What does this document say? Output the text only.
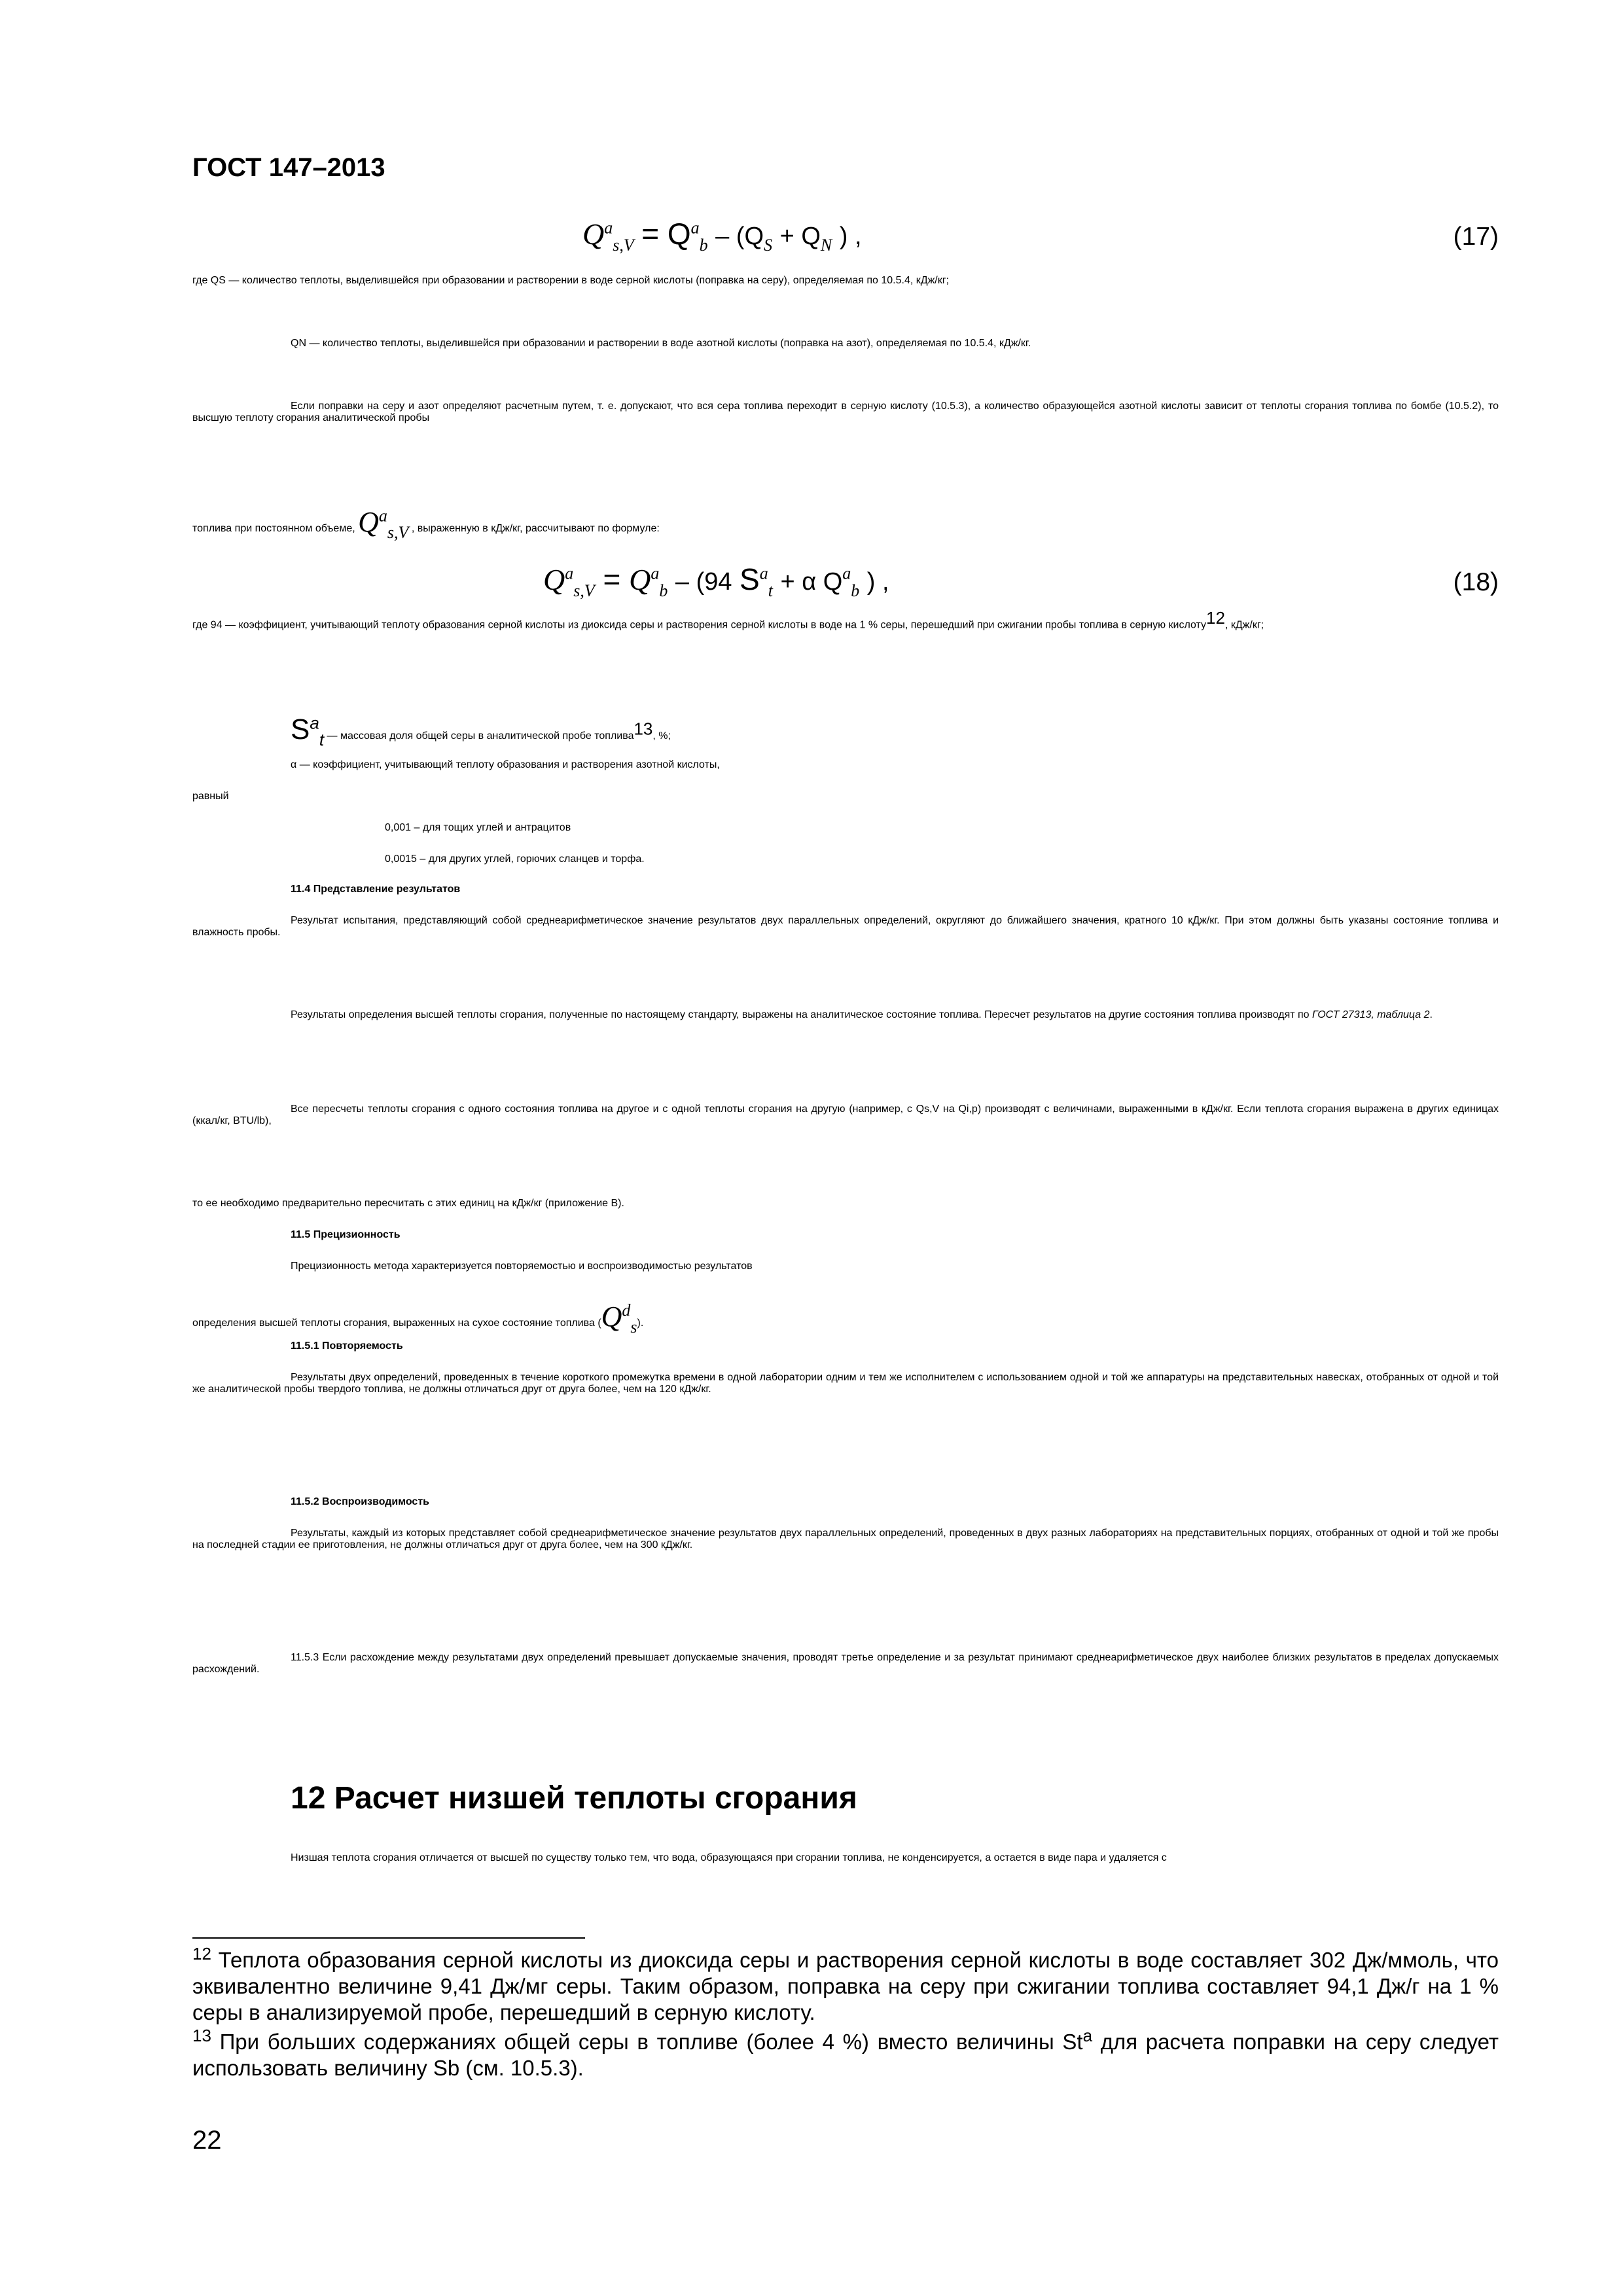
ГОСТ 147–2013
$Q^a_{s,V} = Q^a_b - (Q_S + Q_N$ ) ,	(17)
где QS — количество теплоты, выделившейся при образовании и растворении в воде серной кислоты (поправка на серу), определяемая по 10.5.4, кДж/кг;
QN — количество теплоты, выделившейся при образовании и растворении в воде азотной кислоты (поправка на азот), определяемая по 10.5.4, кДж/кг.
Если поправки на серу и азот определяют расчетным путем, т. е. допускают, что вся сера топлива переходит в серную кислоту (10.5.3), а количество образующейся азотной кислоты зависит от теплоты сгорания топлива по бомбе (10.5.2), то высшую теплоту сгорания аналитической пробы
топлива при постоянном объеме, $Q^a_{s,V}$ , выраженную в кДж/кг, рассчитывают по формуле:
$Q^a_{s,V} = Q^a_b - (94$ $S^a_t + \alpha$ $Q^a_b$ ) ,	(18)
где 94 — коэффициент, учитывающий теплоту образования серной кислоты из диоксида серы и растворения серной кислоты в воде на 1 % серы, перешедший при сжигании пробы топлива в серную кислоту12, кДж/кг;
$S^a_t$ — массовая доля общей серы в аналитической пробе топлива13, %;
α — коэффициент, учитывающий теплоту образования и растворения азотной кислоты,
равный
0,001 – для тощих углей и антрацитов
0,0015 – для других углей, горючих сланцев и торфа.
11.4 Представление результатов
Результат испытания, представляющий собой среднеарифметическое значение результатов двух параллельных определений, округляют до ближайшего значения, кратного 10 кДж/кг. При этом должны быть указаны состояние топлива и влажность пробы.
Результаты определения высшей теплоты сгорания, полученные по настоящему стандарту, выражены на аналитическое состояние топлива. Пересчет результатов на другие состояния топлива производят по ГОСТ 27313, таблица 2.
Все пересчеты теплоты сгорания с одного состояния топлива на другое и с одной теплоты сгорания на другую (например, с Qs,V на Qi,p) производят с величинами, выраженными в кДж/кг. Если теплота сгорания выражена в других единицах (ккал/кг, BTU/lb),
то ее необходимо предварительно пересчитать с этих единиц на кДж/кг (приложение В).
11.5 Прецизионность
Прецизионность метода характеризуется повторяемостью и воспроизводимостью результатов
определения высшей теплоты сгорания, выраженных на сухое состояние топлива $(Q^d_s)$.
11.5.1 Повторяемость
Результаты двух определений, проведенных в течение короткого промежутка времени в одной лаборатории одним и тем же исполнителем с использованием одной и той же аппаратуры на представительных навесках, отобранных от одной и той же аналитической пробы твердого топлива, не должны отличаться друг от друга более, чем на 120 кДж/кг.
11.5.2 Воспроизводимость
Результаты, каждый из которых представляет собой среднеарифметическое значение результатов двух параллельных определений, проведенных в двух разных лабораториях на представительных порциях, отобранных от одной и той же пробы на последней стадии ее приготовления, не должны отличаться друг от друга более, чем на 300 кДж/кг.
11.5.3 Если расхождение между результатами двух определений превышает допускаемые значения, проводят третье определение и за результат принимают среднеарифметическое двух наиболее близких результатов в пределах допускаемых расхождений.
12 Расчет низшей теплоты сгорания
Низшая теплота сгорания отличается от высшей по существу только тем, что вода, образующаяся при сгорании топлива, не конденсируется, а остается в виде пара и удаляется с
$^{12}$ Теплота образования серной кислоты из диоксида серы и растворения серной кислоты в воде составляет 302 Дж/ммоль, что эквивалентно величине 9,41 Дж/мг серы. Таким образом, поправка на серу при сжигании топлива составляет 94,1 Дж/г на 1 % серы в анализируемой пробе, перешедший в серную кислоту.
$^{13}$ При больших содержаниях общей серы в топливе (более 4 %) вместо величины St$^a$ для расчета поправки на серу следует использовать величину Sb (см. 10.5.3).
22
